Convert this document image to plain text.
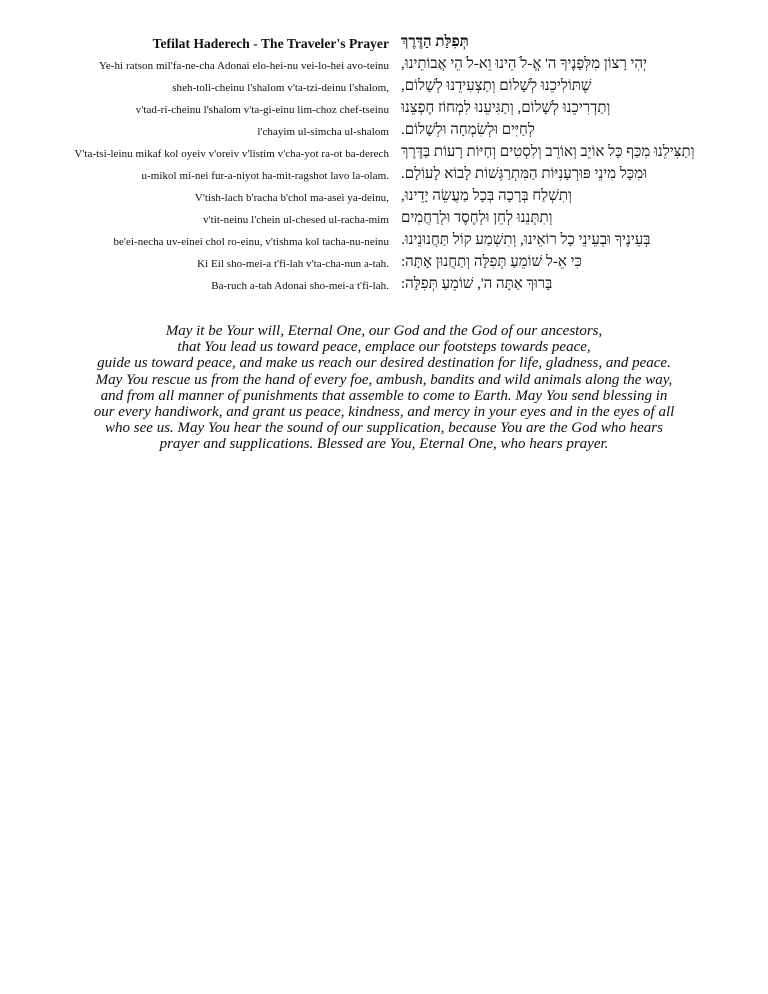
Tefilat Haderech - The Traveler's Prayer תְּפִלַּת הַדֶּרֶךְ
Ye-hi ratson mil'fa-ne-cha Adonai elo-hei-nu vei-lo-hei avo-teinu יְהִי רָצוֹן מִלְּפָנֶיךָ ה' אֱ-לֹ הֵינוּ וֵא-לֹ הֵי אֲבוֹתֵינוּ,
sheh-toli-cheinu l'shalom v'ta-tzi-deinu l'shalom, שֶׁתּוֹלִיכֵנוּ לְשָׁלוֹם וְתַצְעִידֵנוּ לְשָׁלוֹם,
v'tad-ri-cheinu l'shalom v'ta-gi-einu lim-choz chef-tseinu וְתַדְרִיכֵנוּ לְשָׁלוֹם, וְתַגִּיעֵנוּ לִמְחוֹז חֶפְצֵנוּ
l'chayim ul-simcha ul-shalom לְחַיִּים וּלְשִׂמְחָה וּלְשָׁלוֹם.
V'ta-tsi-leinu mikaf kol oyeiv v'oreiv v'listim v'cha-yot ra-ot ba-derech וְתַצִּילֵנוּ מִכַּף כָּל אוֹיֵב וְאוֹרֵב וְלִסְטִים וְחַיּוֹת רָעוֹת בַּדֶּרֶךְ
u-mikol mi-nei fur-a-niyot ha-mit-ragshot lavo la-olam. וּמִכָּל מִינֵי פּוּרְעָנִיּוֹת הַמִּתְרַגְּשׁוֹת לָבוֹא לָעוֹלָם.
V'tish-lach b'racha b'chol ma-asei ya-deinu, וְתִשְׁלַח בְּרָכָה בְּכָל מַעֲשֵׂה יָדֵינוּ,
v'tit-neinu l'chein ul-chesed ul-racha-mim וְתִתְּנֵנוּ לְחֵן וּלְחֶסֶד וּלְרַחֲמִים
be'ei-necha uv-einei chol ro-einu, v'tishma kol tacha-nu-neinu בְּעֵינֶיךָ וּבְעֵינֵי כָל רוֹאֵינוּ, וְתִשְׁמַע קוֹל תַּחֲנוּנֵינוּ.
Ki Eil sho-mei-a t'fi-lah v'ta-cha-nun a-tah. כִּי אֵ-ל שׁוֹמֵעַ תְּפִלָּה וְתַחֲנוּן אָתָּה:
Ba-ruch a-tah Adonai sho-mei-a t'fi-lah. בָּרוּךְ אַתָּה ה', שׁוֹמֵעַ תְּפִלָּה:
May it be Your will, Eternal One, our God and the God of our ancestors,
that You lead us toward peace, emplace our footsteps towards peace,
guide us toward peace, and make us reach our desired destination for life, gladness, and peace.
May You rescue us from the hand of every foe, ambush, bandits and wild animals along the way,
and from all manner of punishments that assemble to come to Earth. May You send blessing in
our every handiwork, and grant us peace, kindness, and mercy in your eyes and in the eyes of all
who see us. May You hear the sound of our supplication, because You are the God who hears
prayer and supplications. Blessed are You, Eternal One, who hears prayer.
